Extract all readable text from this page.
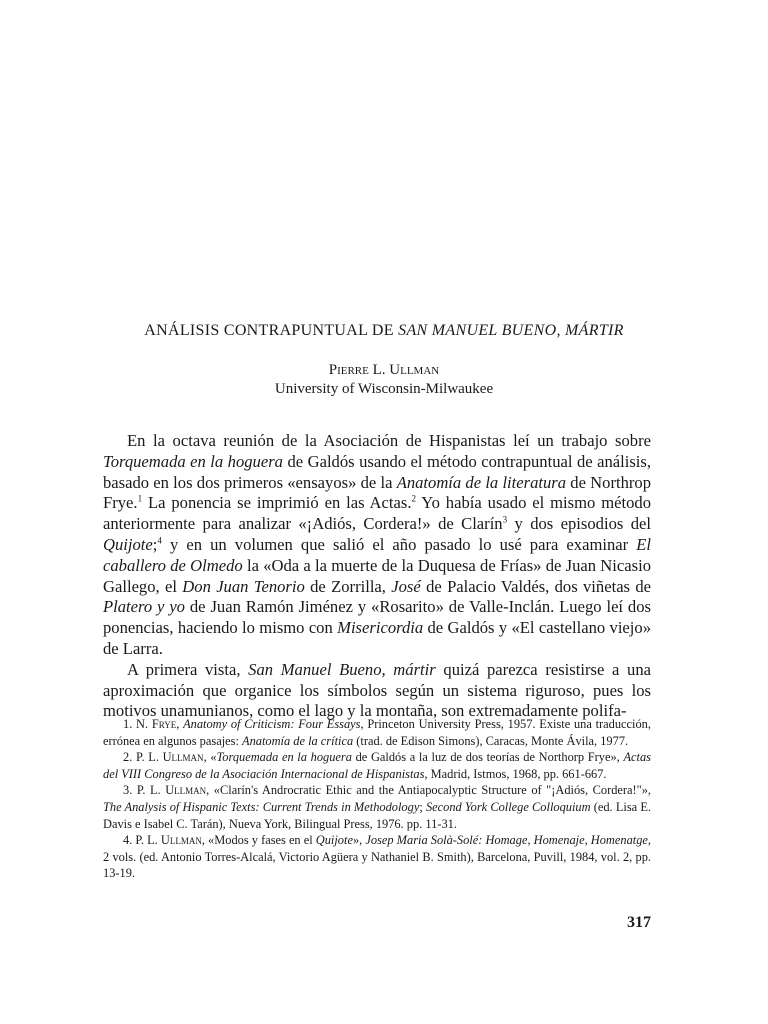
ANÁLISIS CONTRAPUNTUAL DE SAN MANUEL BUENO, MÁRTIR
Pierre L. Ullman
University of Wisconsin-Milwaukee

En la octava reunión de la Asociación de Hispanistas leí un trabajo sobre Torquemada en la hoguera de Galdós usando el método contrapuntual de análisis, basado en los dos primeros «ensayos» de la Anatomía de la literatura de Northrop Frye.$^1$ La ponencia se imprimió en las Actas.$^2$ Yo había usado el mismo método anteriormente para analizar «¡Adiós, Cordera!» de Clarín$^3$ y dos episodios del Quijote;$^4$ y en un volumen que salió el año pasado lo usé para examinar El caballero de Olmedo la «Oda a la muerte de la Duquesa de Frías» de Juan Nicasio Gallego, el Don Juan Tenorio de Zorrilla, José de Palacio Valdés, dos viñetas de Platero y yo de Juan Ramón Jiménez y «Rosarito» de Valle-Inclán. Luego leí dos ponencias, haciendo lo mismo con Misericordia de Galdós y «El castellano viejo» de Larra.

A primera vista, San Manuel Bueno, mártir quizá parezca resistirse a una aproximación que organice los símbolos según un sistema riguroso, pues los motivos unamunianos, como el lago y la montaña, son extremadamente polifa-

1. N. Frye, Anatomy of Criticism: Four Essays, Princeton University Press, 1957. Existe una traducción, errónea en algunos pasajes: Anatomía de la crítica (trad. de Edison Simons), Caracas, Monte Ávila, 1977.

2. P. L. Ullman, «Torquemada en la hoguera de Galdós a la luz de dos teorías de Northorp Frye», Actas del VIII Congreso de la Asociación Internacional de Hispanistas, Madrid, Istmos, 1968, pp. 661-667.

3. P. L. Ullman, «Clarín's Androcratic Ethic and the Antiapocalyptic Structure of "¡Adiós, Cordera!"», The Analysis of Hispanic Texts: Current Trends in Methodology; Second York College Colloquium (ed. Lisa E. Davis e Isabel C. Tarán), Nueva York, Bilingual Press, 1976. pp. 11-31.

4. P. L. Ullman, «Modos y fases en el Quijote», Josep Maria Solà-Solé: Homage, Homenaje, Homenatge, 2 vols. (ed. Antonio Torres-Alcalá, Victorio Agüera y Nathaniel B. Smith), Barcelona, Puvill, 1984, vol. 2, pp. 13-19.

317
